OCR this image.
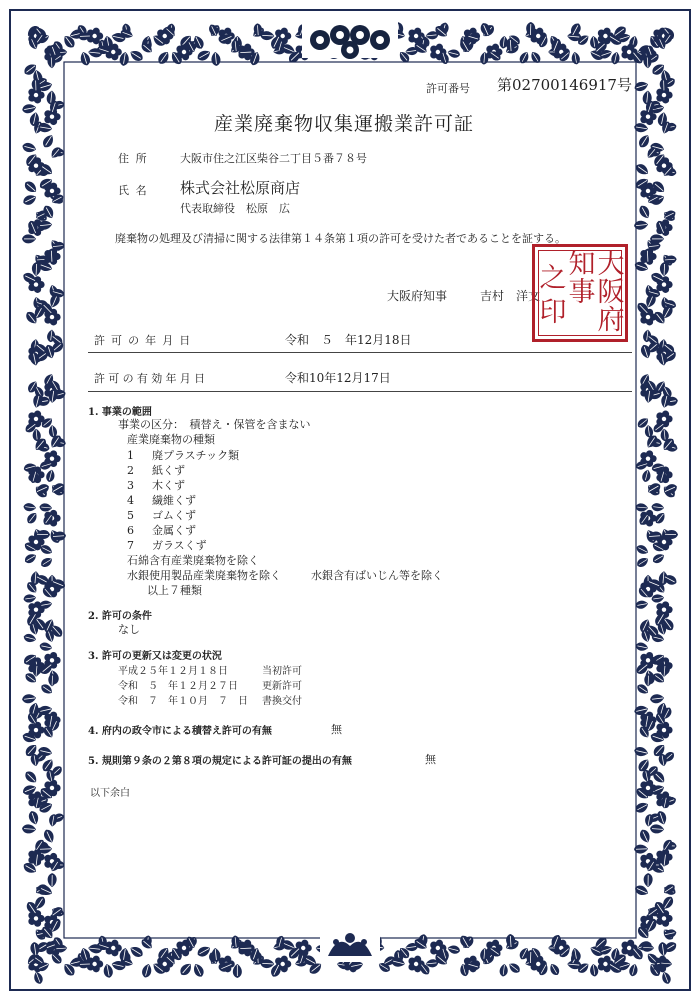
許可番号 第02700146917号
産業廃棄物収集運搬業許可証
住所 大阪市住之江区柴谷二丁目５番７８号
氏名 株式会社松原商店
代表取締役　松原　広
廃棄物の処理及び清掃に関する法律第１４条第１項の許可を受けた者であることを証する。
大阪府知事	吉村　洋文
大
阪
府
知
事
之
印
許可の年月日	令和　５　年12月18日
許可の有効年月日	令和10年12月17日
1. 事業の範囲
事業の区分：　積替え・保管を含まない
産業廃棄物の種類
1 廃プラスチック類
2 紙くず
3 木くず
4 繊維くず
5 ゴムくず
6 金属くず
7 ガラスくず
石綿含有産業廃棄物を除く
水銀使用製品産業廃棄物を除く	水銀含有ばいじん等を除く
以上７種類
2. 許可の条件
なし
3. 許可の更新又は変更の状況
平成２５年１２月１８日	当初許可
令和　５　年１２月２７日 更新許可
令和　７　年１０月　７　日 書換交付
4. 府内の政令市による積替え許可の有無	無
5. 規則第９条の２第８項の規定による許可証の提出の有無	無
以下余白
